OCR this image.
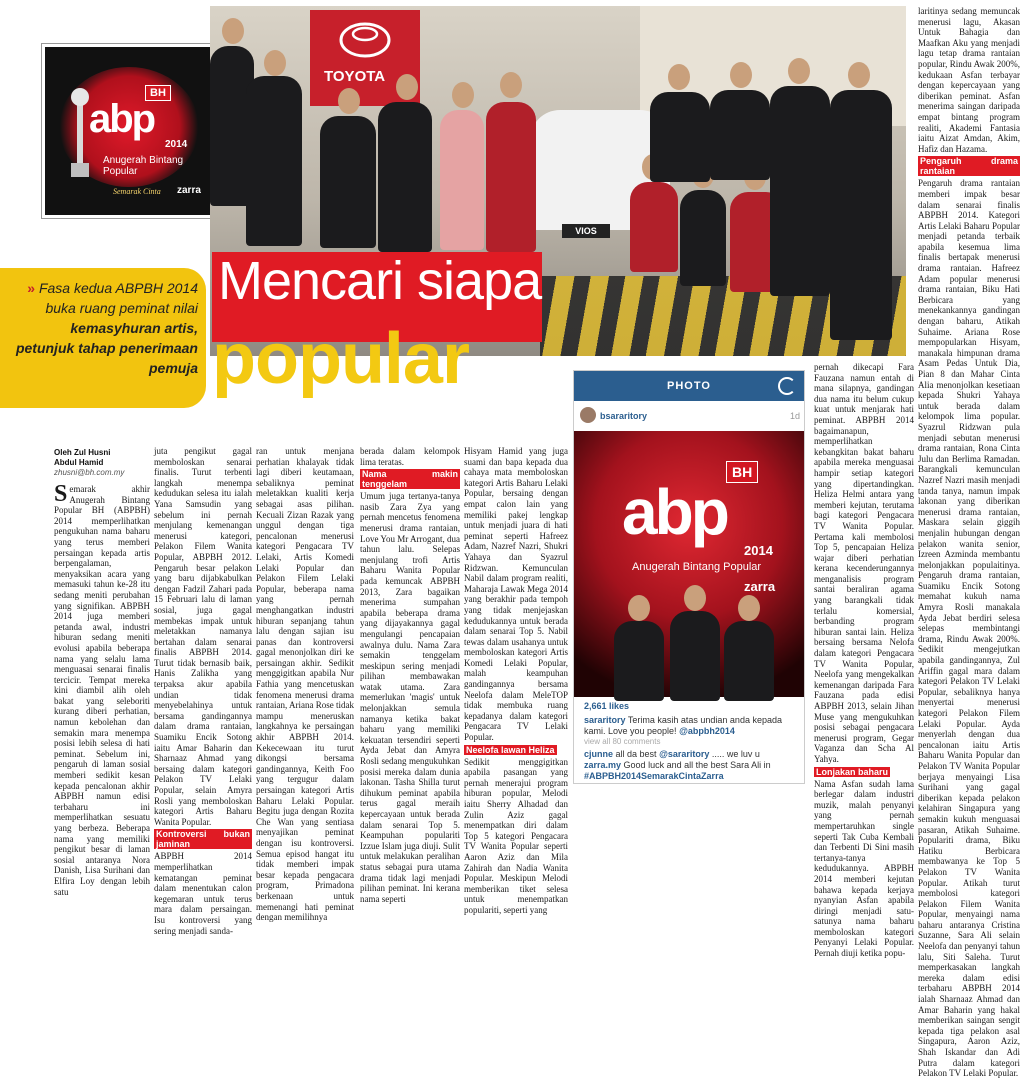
BH
abp
2014
Anugerah Bintang Popular
Semarak Cinta zarra
TOYOTA
VIOS

» Fasa kedua ABPBH 2014 buka ruang peminat nilai kemasyhuran artis, petunjuk tahap penerimaan pemuja

Mencari siapa
popular
Oleh Zul Husni
Abdul Hamid
zhusni@bh.com.my
Semarak akhir Anugerah Bintang Popular BH (ABPBH) 2014 memperlihatkan pengukuhan nama baharu yang terus memberi persaingan kepada artis berpengalaman, menyaksikan acara yang memasuki tahun ke-28 itu sedang meniti perubahan yang signifikan. ABPBH 2014 juga memberi petanda awal, industri hiburan sedang meniti evolusi apabila beberapa nama yang selalu lama menguasai senarai finalis tercicir. Tempat mereka kini diambil alih oleh bakat yang seleboriti kurang diberi perhatian, namun kebolehan dan semakin mara menempa posisi lebih selesa di hati peminat. Sebelum ini, pengaruh di laman sosial memberi sedikit kesan kepada pencalonan akhir ABPBH namun edisi terbaharu ini memperlihatkan sesuatu yang berbeza. Beberapa nama yang memiliki pengikut besar di laman sosial antaranya Nora Danish, Lisa Surihani dan Elfira Loy dengan lebih satu
juta pengikut gagal memboloskan senarai finalis. Turut terbenti langkah menempa kedudukan selesa itu ialah Yana Samsudin yang sebelum ini pernah menjulang kemenangan menerusi kategori, Pelakon Filem Wanita Popular, ABPBH 2012. Pengaruh besar pelakon yang baru dijabkabulkan dengan Fadzil Zahari pada 15 Februari lalu di laman sosial, juga gagal membekas impak untuk meletakkan namanya bertahan dalam senarai finalis ABPBH 2014. Turut tidak bernasib baik, Hanis Zalikha yang terpaksa akur apabila undian tidak menyebelahinya untuk bersama gandingannya dalam drama rantaian, Suamiku Encik Sotong iaitu Amar Baharin dan Sharnaaz Ahmad yang bersaing dalam kategori Pelakon TV Lelaki Popular, selain Amyra Rosli yang memboloskan kategori Artis Baharu Wanita Popular.
Kontroversi bukan jaminan
ABPBH 2014 memperlihatkan kematangan peminat dalam menentukan calon kegemaran untuk terus mara dalam persaingan. Isu kontroversi yang sering menjadi sanda-
ran untuk menjana perhatian khalayak tidak lagi diberi keutamaan, sebaliknya peminat meletakkan kualiti kerja sebagai asas pilihan. Kecuali Zizan Razak yang unggul dengan tiga pencalonan menerusi kategori Pengacara TV Lelaki, Artis Komedi Lelaki Popular dan Pelakon Filem Lelaki Popular, beberapa nama yang pernah menghangatkan industri hiburan sepanjang tahun lalu dengan sajian isu panas dan kontroversi gagal menonjolkan diri ke persaingan akhir. Sedikit menggigitkan apabila Nur Fathia yang mencetuskan fenomena menerusi drama rantaian, Ariana Rose tidak mampu meneruskan langkahnya ke persaingan akhir ABPBH 2014. Kekecewaan itu turut dikongsi bersama gandingannya, Keith Foo yang tergugur dalam persaingan kategori Artis Baharu Lelaki Popular. Begitu juga dengan Rozita Che Wan yang sentiasa menyajikan peminat dengan isu kontroversi. Semua episod hangat itu tidak memberi impak besar kepada pengacara program, Primadona berkenaan untuk memenangi hati peminat dengan memilihnya
berada dalam kelompok lima teratas.
Nama makin tenggelam
Umum juga tertanya-tanya nasib Zara Zya yang pernah mencetus fenomena menerusi drama rantaian, Love You Mr Arrogant, dua tahun lalu. Selepas menjulang trofi Artis Baharu Wanita Popular pada kemuncak ABPBH 2013, Zara bagaikan menerima sumpahan apabila beberapa drama yang dijayakannya gagal mengulangi pencapaian awalnya dulu. Nama Zara semakin tenggelam meskipun sering menjadi pilihan membawakan watak utama. Zara memerlukan 'magis' untuk melonjakkan semula namanya ketika bakat baharu yang memiliki kekuatan tersendiri seperti Ayda Jebat dan Amyra Rosli sedang mengukuhkan posisi mereka dalam dunia lakonan. Tasha Shilla turut dihukum peminat apabila terus gagal meraih kepercayaan untuk berada dalam senarai Top 5. Keampuhan populariti Izzue Islam juga diuji. Sulit untuk melakukan peralihan status sebagai pura utama drama tidak lagi menjadi pilihan peminat. Ini kerana nama seperti
Hisyam Hamid yang juga suami dan bapa kepada dua cahaya mata memboloskan kategori Artis Baharu Lelaki Popular, bersaing dengan empat calon lain yang memiliki pakej lengkap untuk menjadi juara di hati peminat seperti Hafreez Adam, Nazref Nazri, Shukri Yahaya dan Syazrul Ridzwan. Kemunculan Nabil dalam program realiti, Maharaja Lawak Mega 2014 yang berakhir pada tempoh yang tidak menjejaskan kedudukannya untuk berada dalam senarai Top 5. Nabil tewas dalam usahanya untuk memboloskan kategori Artis Komedi Lelaki Popular, malah keampuhan gandingannya bersama Neelofa dalam MeleTOP tidak membuka ruang kepadanya dalam kategori Pengacara TV Lelaki Popular.
Neelofa lawan Heliza
Sedikit menggigitkan apabila pasangan yang pernah menerajui program hiburan popular, Melodi iaitu Sherry Alhadad dan Zulin Aziz gagal menempatkan diri dalam Top 5 kategori Pengacara TV Wanita Popular seperti Aaron Aziz dan Mila Zahirah dan Nadia Wanita Popular. Meskipun Melodi memberikan tiket selesa untuk menempatkan populariti, seperti yang
pernah dikecapi Fara Fauzana namun entah di mana silapnya, gandingan dua nama itu belum cukup kuat untuk menjarak hati peminat. ABPBH 2014 bagaimanapun, memperlihatkan kebangkitan bakat baharu apabila mereka menguasai hampir setiap kategori yang dipertandingkan. Heliza Helmi antara yang memberi kejutan, terutama bagi kategori Pengacara TV Wanita Popular. Pertama kali membolosi Top 5, pencapaian Heliza wajar diberi perhatian kerana kecenderungannya menganalisis program santai beraliran agama yang barangkali tidak terlalu komersial, berbanding program hiburan santai lain. Heliza bersaing bersama Nelofa dalam kategori Pengacara TV Wanita Popular, Neelofa yang mengekalkan kemenangan daripada Fara Fauzana pada edisi ABPBH 2013, selain Jihan Muse yang mengukuhkan posisi sebagai pengacara menerusi program, Gegar Vaganza dan Scha Al Yahya.
Lonjakan baharu
Nama Asfan sudah lama berlegar dalam industri muzik, malah penyanyi yang pernah mempertaruhkan single seperti Tak Cuba Kembali dan Terbenti Di Sini masih tertanya-tanya kedudukannya. ABPBH 2014 memberi kejutan bahawa kepada kerjaya nyanyian Asfan apabila diringi menjadi satu-satunya nama baharu memboloskan kategori Penyanyi Lelaki Popular. Pernah diuji ketika popu-
laritinya sedang memuncak menerusi lagu, Akasan Untuk Bahagia dan Maafkan Aku yang menjadi lagu tetap drama rantaian popular, Rindu Awak 200%, kedukaan Asfan terbayar dengan kepercayaan yang diberikan peminat. Asfan menerima saingan daripada empat bintang program realiti, Akademi Fantasia iaitu Aizat Amdan, Akim, Hafiz dan Hazama.
Pengaruh drama rantaian
Pengaruh drama rantaian memberi impak besar dalam senarai finalis ABPBH 2014. Kategori Artis Lelaki Baharu Popular menjadi petanda terbaik apabila kesemua lima finalis bertapak menerusi drama rantaian. Hafreez Adam popular menerusi drama rantaian, Biku Hati Berbicara yang menekankannya gandingan dengan baharu, Atikah Suhaime. Ariana Rose mempopularkan Hisyam, manakala himpunan drama Asam Pedas Untuk Dia, Pian 8 dan Mahar Cinta Alia menonjolkan kesetiaan kepada Shukri Yahaya untuk berada dalam kelompok lima popular. Syazrul Ridzwan pula menjadi sebutan menerusi drama rantaian, Rona Cinta Julu dan Berlima Ramadan. Barangkali kemunculan Nazref Nazri masih menjadi tanda tanya, namun impak lakonan yang diberikan menerusi drama rantaian, Maskara selain giggih menjalin hubungan dengan pelakon wanita senior, Izreen Azminda membantu melonjakkan populaitinya. Pengaruh drama rantaian, Suamiku Encik Sotong memahat kukuh nama Amyra Rosli manakala Ayda Jebat berdiri selesa selepas membintangi drama, Rindu Awak 200%. Sedikit mengejutkan apabila gandingannya, Zul Ariffin gagal mara dalam kategori Pelakon TV Lelaki Popular, sebaliknya hanya menyertai menerusi kategori Pelakon Filem Lelaki Popular. Ayda menyerlah dengan dua pencalonan iaitu Artis Baharu Wanita Popular dan Pelakon TV Wanita Popular berjaya menyaingi Lisa Surihani yang gagal diberikan kepada pelakon kelahiran Singapura yang semakin kukuh menguasai pasaran, Atikah Suhaime. Populariti drama, Biku Hatiku Berbicara membawanya ke Top 5 Pelakon TV Wanita Popular. Atikah turut membolosi kategori Pelakon Filem Wanita Popular, menyaingi nama baharu antaranya Cristina Suzanne, Sara Ali selain Neelofa dan penyanyi tahun lalu, Siti Saleha. Turut memperkasakan langkah mereka dalam edisi terbaharu ABPBH 2014 ialah Sharnaaz Ahmad dan Amar Baharin yang hakal memberikan saingan sengit kepada tiga pelakon asal Singapura, Aaron Aziz, Shah Iskandar dan Adi Putra dalam kategori Pelakon TV Lelaki Popular.
PHOTO
bsararitory	1d
BH
abp
2014
Anugerah Bintang Popular
zarra
2,661 likes
sararitory Terima kasih atas undian anda kepada kami. Love you people! @abpbh2014
view all 80 comments
cjunne all da best @sararitory ..... we luv u
zarra.my Good luck and all the best Sara Ali in #ABPBH2014SemarakCintaZarra
